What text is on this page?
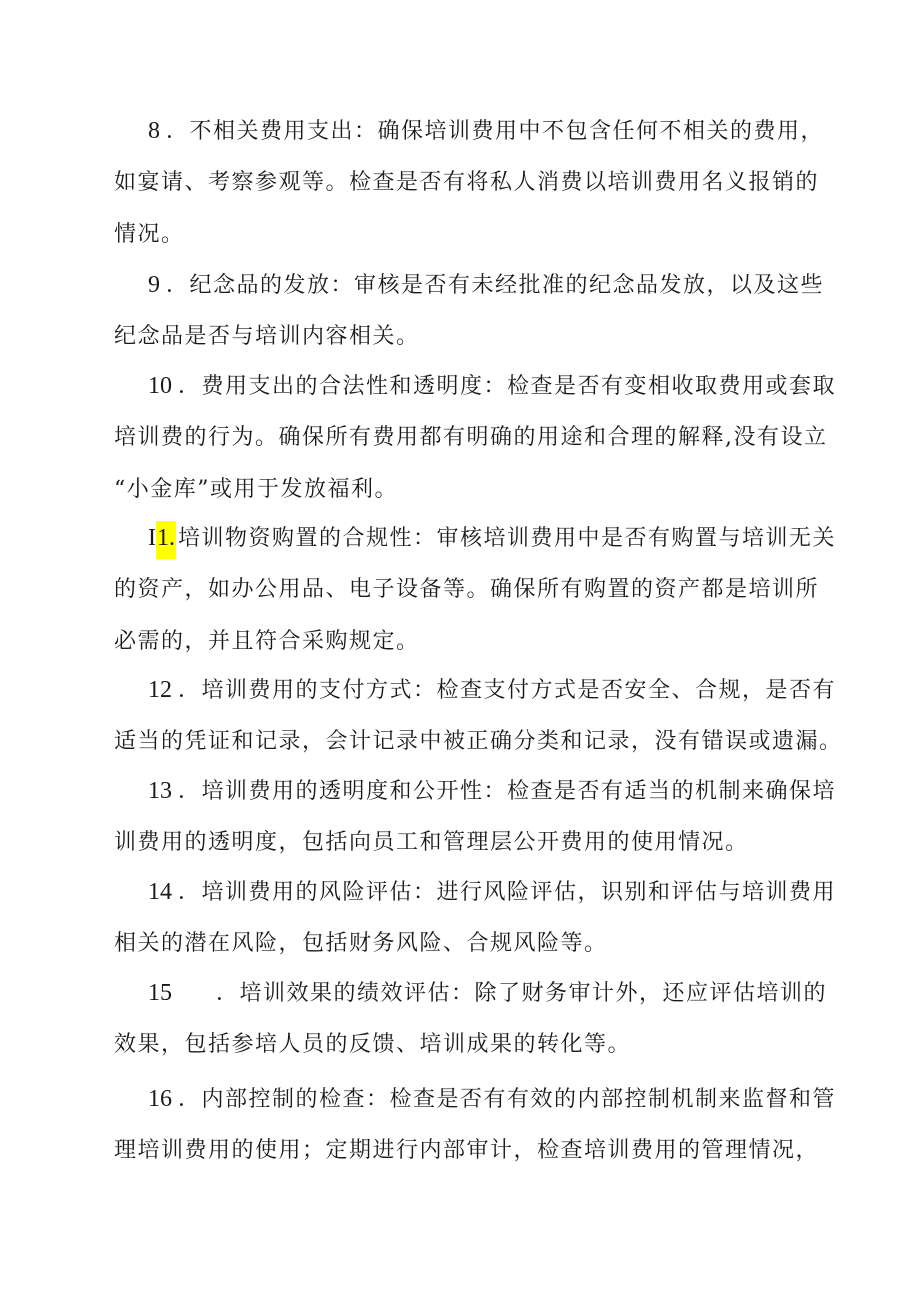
8 ．不相关费用支出：确保培训费用中不包含任何不相关的费用，
如宴请、考察参观等。检查是否有将私人消费以培训费用名义报销的
情况。
9 ．纪念品的发放：审核是否有未经批准的纪念品发放，以及这些
纪念品是否与培训内容相关。
10 ．费用支出的合法性和透明度：检查是否有变相收取费用或套取
培训费的行为。确保所有费用都有明确的用途和合理的解释,没有设立
“小金库”或用于发放福利。
I1. 培训物资购置的合规性：审核培训费用中是否有购置与培训无关
的资产，如办公用品、电子设备等。确保所有购置的资产都是培训所
必需的，并且符合采购规定。
12 ．培训费用的支付方式：检查支付方式是否安全、合规，是否有
适当的凭证和记录，会计记录中被正确分类和记录，没有错误或遗漏。
13 ．培训费用的透明度和公开性：检查是否有适当的机制来确保培
训费用的透明度，包括向员工和管理层公开费用的使用情况。
14 ．培训费用的风险评估：进行风险评估，识别和评估与培训费用
相关的潜在风险，包括财务风险、合规风险等。
15 ．培训效果的绩效评估：除了财务审计外，还应评估培训的
效果，包括参培人员的反馈、培训成果的转化等。
16 ．内部控制的检查：检查是否有有效的内部控制机制来监督和管
理培训费用的使用；定期进行内部审计，检查培训费用的管理情况，
